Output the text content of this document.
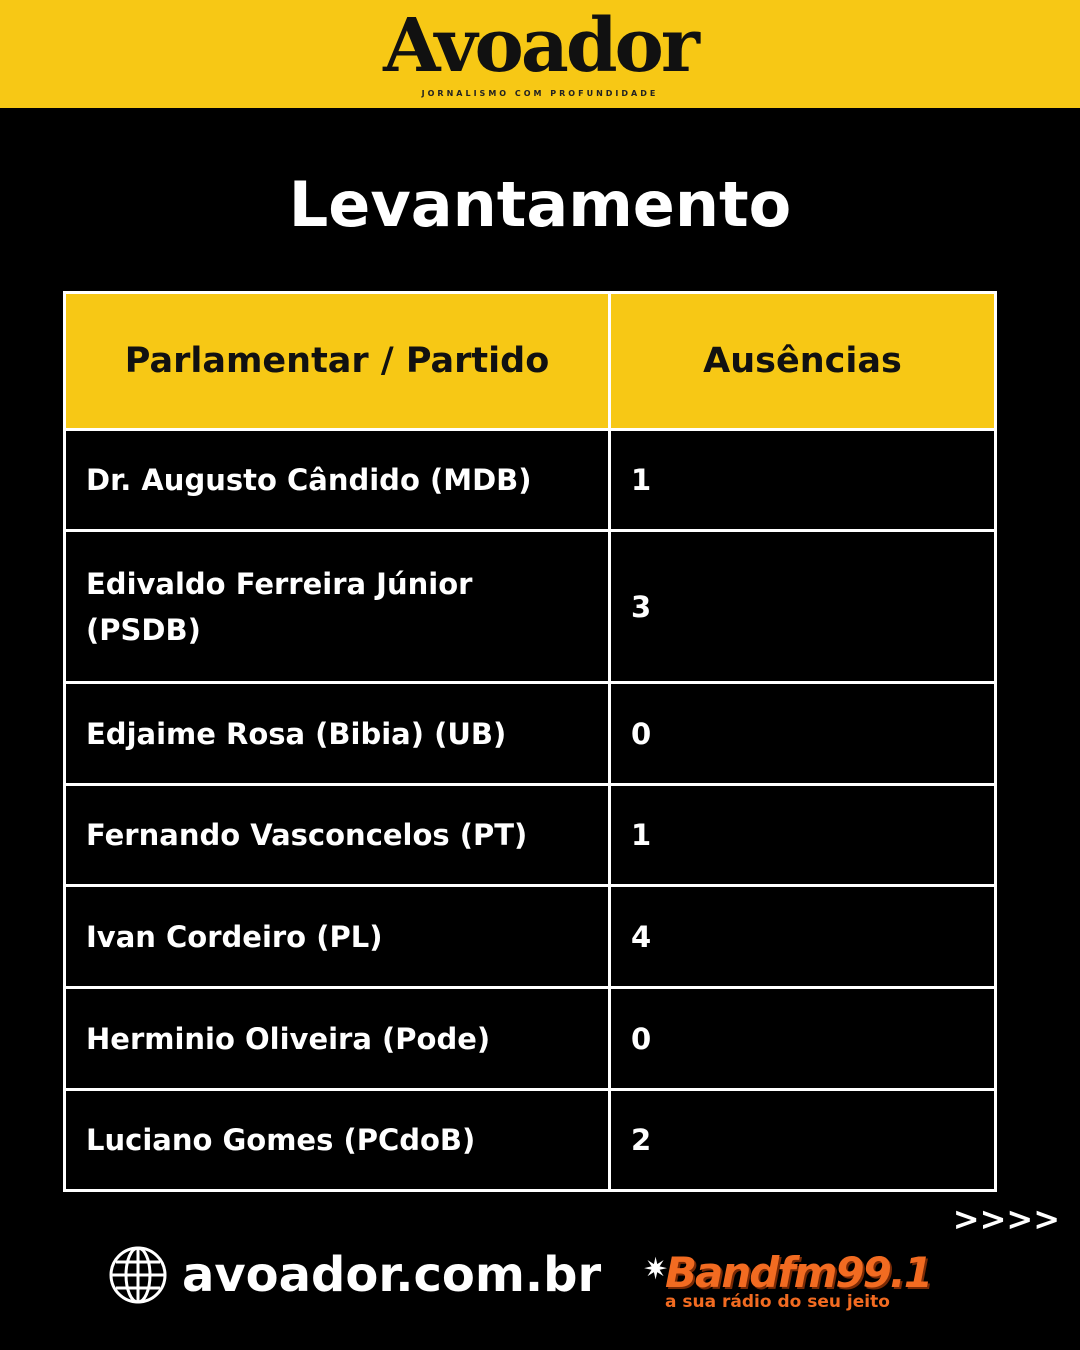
Avoador
JORNALISMO COM PROFUNDIDADE
Levantamento
Parlamentar / Partido	Ausências
Dr. Augusto Cândido (MDB)	1
Edivaldo Ferreira Júnior (PSDB)	3
Edjaime Rosa (Bibia) (UB)	0
Fernando Vasconcelos (PT)	1
Ivan Cordeiro (PL)	4
Herminio Oliveira (Pode)	0
Luciano Gomes (PCdoB)	2
>>>>
avoador.com.br ✷
Bandfm99.1
a sua rádio do seu jeito
